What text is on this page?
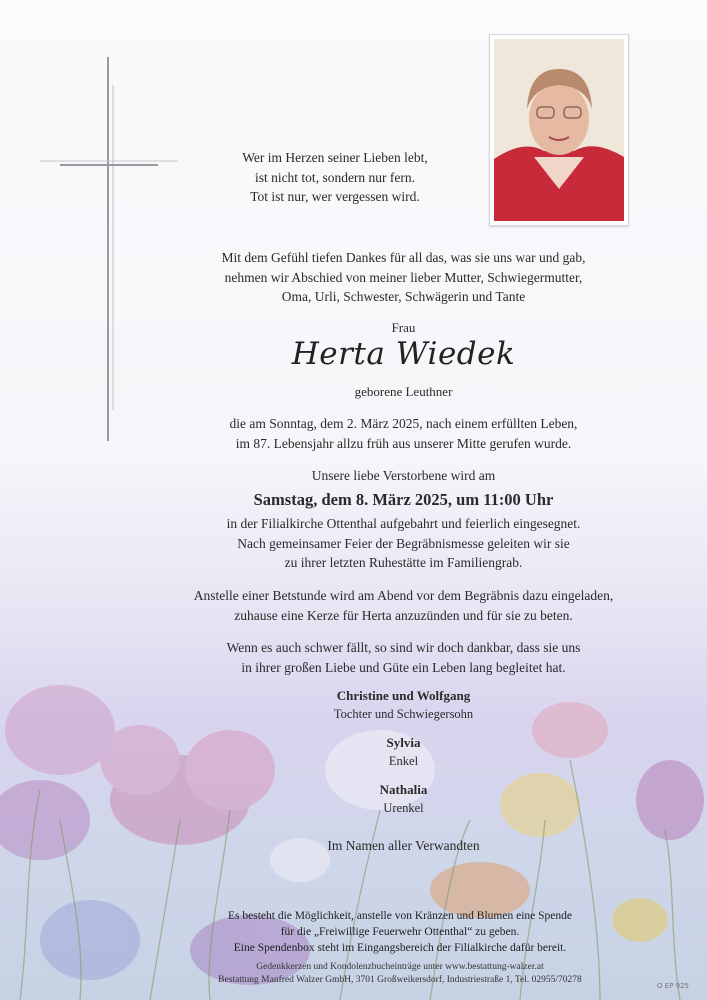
Wer im Herzen seiner Lieben lebt,
ist nicht tot, sondern nur fern.
Tot ist nur, wer vergessen wird.
Mit dem Gefühl tiefen Dankes für all das, was sie uns war und gab,
nehmen wir Abschied von meiner lieber Mutter, Schwiegermutter,
Oma, Urli, Schwester, Schwägerin und Tante
Frau
Herta Wiedek
geborene Leuthner
die am Sonntag, dem 2. März 2025, nach einem erfüllten Leben,
im 87. Lebensjahr allzu früh aus unserer Mitte gerufen wurde.
Unsere liebe Verstorbene wird am
Samstag, dem 8. März 2025, um 11:00 Uhr
in der Filialkirche Ottenthal aufgebahrt und feierlich eingesegnet.
Nach gemeinsamer Feier der Begräbnismesse geleiten wir sie
zu ihrer letzten Ruhestätte im Familiengrab.
Anstelle einer Betstunde wird am Abend vor dem Begräbnis dazu eingeladen,
zuhause eine Kerze für Herta anzuzünden und für sie zu beten.
Wenn es auch schwer fällt, so sind wir doch dankbar, dass sie uns
in ihrer großen Liebe und Güte ein Leben lang begleitet hat.
Christine und Wolfgang
Tochter und Schwiegersohn
Sylvia
Enkel
Nathalia
Urenkel
Im Namen aller Verwandten
Es besteht die Möglichkeit, anstelle von Kränzen und Blumen eine Spende
für die „Freiwillige Feuerwehr Ottenthal“ zu geben.
Eine Spendenbox steht im Eingangsbereich der Filialkirche dafür bereit.
Gedenkkerzen und Kondolenzbucheinträge unter www.bestattung-walzer.at
Bestattung Manfred Walzer GmbH, 3701 Großweikersdorf, Industriestraße 1, Tel. 02955/70278
O EP 925
